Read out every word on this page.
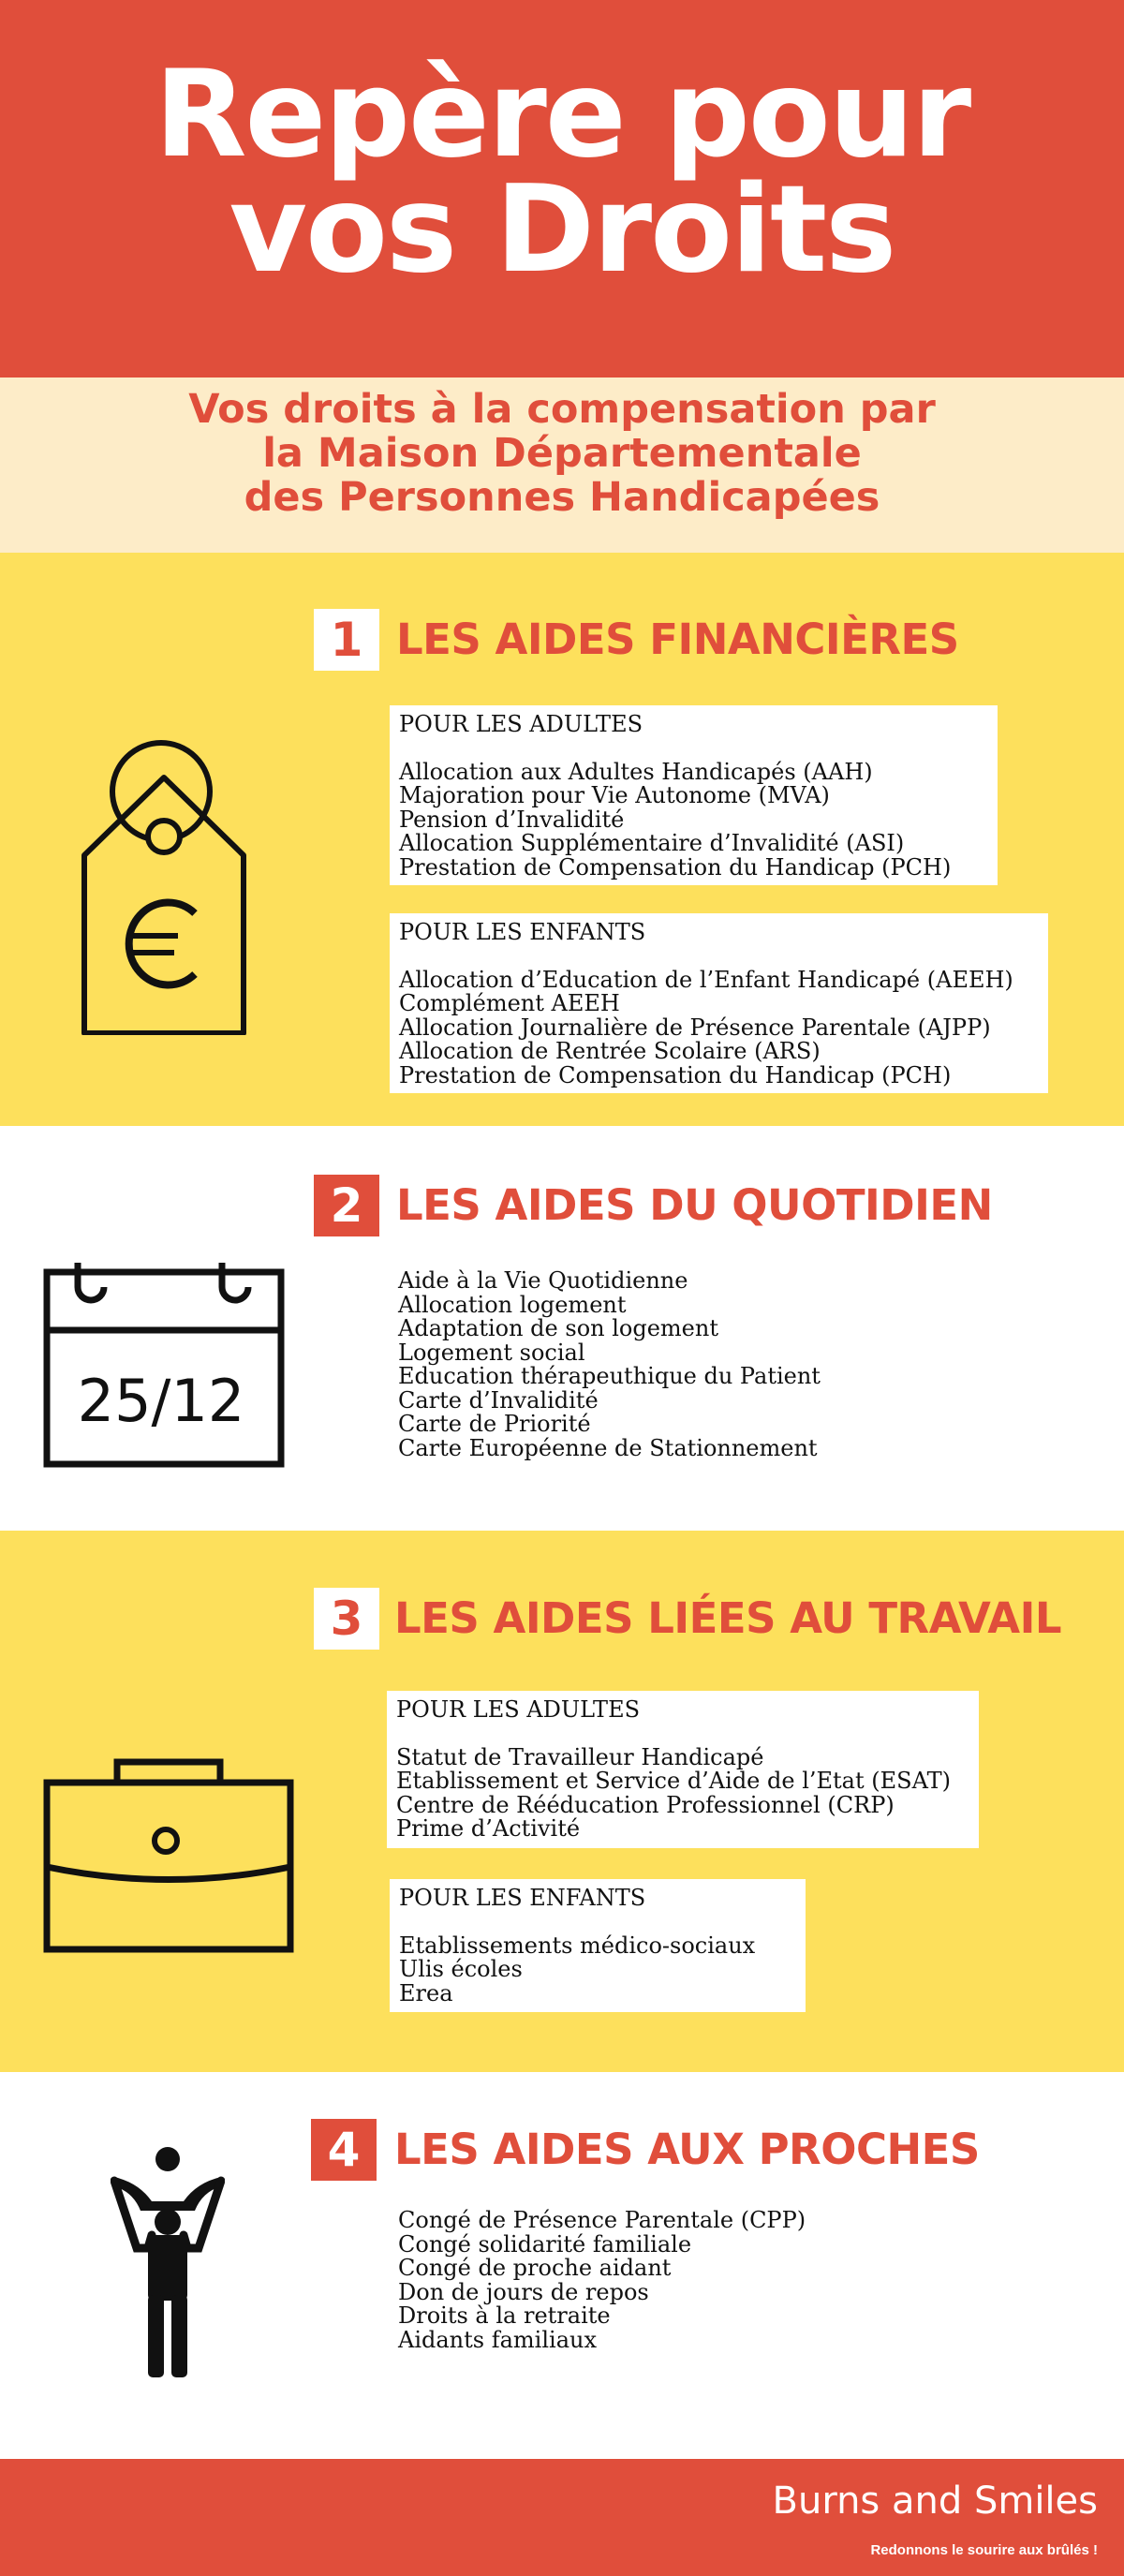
Repère pour
vos Droits
Vos droits à la compensation par
la Maison Départementale
des Personnes Handicapées
1 LES AIDES FINANCIÈRES
POUR LES ADULTES
Allocation aux Adultes Handicapés (AAH)
Majoration pour Vie Autonome (MVA)
Pension d’Invalidité
Allocation Supplémentaire d’Invalidité (ASI)
Prestation de Compensation du Handicap (PCH)
POUR LES ENFANTS
Allocation d’Education de l’Enfant Handicapé (AEEH)
Complément AEEH
Allocation Journalière de Présence Parentale (AJPP)
Allocation de Rentrée Scolaire (ARS)
Prestation de Compensation du Handicap (PCH)
2 LES AIDES DU QUOTIDIEN
25/12
Aide à la Vie Quotidienne
Allocation logement
Adaptation de son logement
Logement social
Education thérapeuthique du Patient
Carte d’Invalidité
Carte de Priorité
Carte Européenne de Stationnement
3 LES AIDES LIÉES AU TRAVAIL
POUR LES ADULTES
Statut de Travailleur Handicapé
Etablissement et Service d’Aide de l’Etat (ESAT)
Centre de Rééducation Professionnel (CRP)
Prime d’Activité
POUR LES ENFANTS
Etablissements médico-sociaux
Ulis écoles
Erea
4 LES AIDES AUX PROCHES
Congé de Présence Parentale (CPP)
Congé solidarité familiale
Congé de proche aidant
Don de jours de repos
Droits à la retraite
Aidants familiaux
Burns and Smiles
Redonnons le sourire aux brûlés !
